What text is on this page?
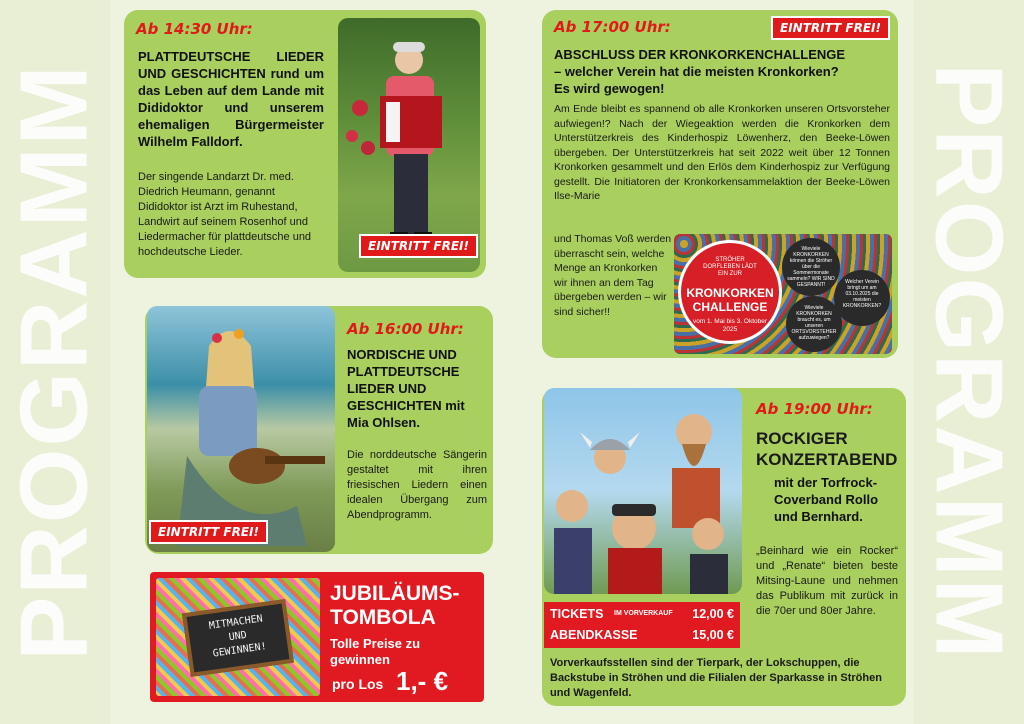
PROGRAMM	PROGRAMM
Ab 14:30 Uhr:
PLATTDEUTSCHE LIEDER UND GESCHICHTEN rund um das Leben auf dem Lande mit Dididoktor und unserem ehemaligen Bürgermeister Wilhelm Falldorf.
Der singende Landarzt Dr. med. Diedrich Heumann, genannt Dididoktor ist Arzt im Ruhestand, Landwirt auf seinem Rosenhof und Liedermacher für plattdeutsche und hochdeutsche Lieder.	EINTRITT FREI!
EINTRITT FREI!
Ab 16:00 Uhr:
NORDISCHE UND PLATTDEUTSCHE LIEDER UND GESCHICHTEN mit Mia Ohlsen.
Die norddeutsche Sängerin gestaltet mit ihren friesischen Liedern einen idealen Übergang zum Abendprogramm.
MITMACHEN
UND
GEWINNEN!
JUBILÄUMS-
TOMBOLA
Tolle Preise zu gewinnen
pro Los 1,- €
Ab 17:00 Uhr:	EINTRITT FREI!
ABSCHLUSS DER KRONKORKENCHALLENGE – welcher Verein hat die meisten Kronkorken? Es wird gewogen!
Am Ende bleibt es spannend ob alle Kronkorken unseren Ortsvorsteher aufwiegen!? Nach der Wiegeaktion werden die Kronkorken dem Unterstützerkreis des Kinderhospiz Löwenherz, den Beeke-Löwen übergeben. Der Unterstützerkreis hat seit 2022 weit über 12 Tonnen Kronkorken gesammelt und den Erlös dem Kinderhospiz zur Verfügung gestellt. Die Initiatoren der Kronkorkensammelaktion der Beeke-Löwen Ilse-Marie
und Thomas Voß werden überrascht sein, welche Menge an Kronkorken wir ihnen an dem Tag übergeben werden – wir sind sicher!!
STRÖHER DORFLEBEN LÄDT EIN ZUR
KRONKORKEN
CHALLENGE
vom 1. Mai bis 3. Oktober 2025
Wieviele KRONKORKEN können die Ströher über die Sommermonate sammeln? WIR SIND GESPANNT!	Welcher Verein bringt um am 03.10.2025 die meisten KRONKORKEN?
Wieviele KRONKORKEN braucht es, um unseren ORTSVORSTEHER aufzuwiegen?
Ab 19:00 Uhr:
ROCKIGER KONZERTABEND
mit der Torfrock-Coverband Rollo und Bernhard.
„Beinhard wie ein Rocker“ und „Renate“ bieten beste Mitsing-Laune und nehmen das Publikum mit zurück in die 70er und 80er Jahre.
TICKETS IM VORVERKAUF 12,00 €
ABENDKASSE	15,00 €
Vorverkaufsstellen sind der Tierpark, der Lokschuppen, die Backstube in Ströhen und die Filialen der Sparkasse in Ströhen und Wagenfeld.
